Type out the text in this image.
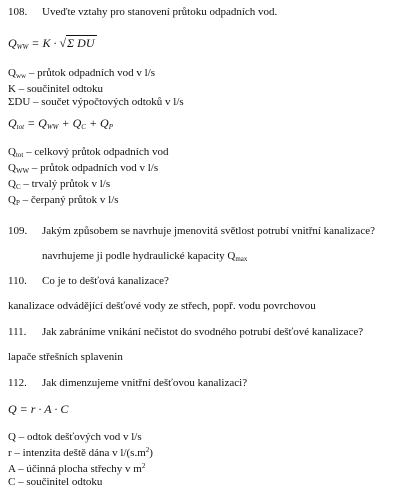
108. Uveďte vztahy pro stanovení průtoku odpadních vod.
$Q_{WW} = K \cdot √\Sigma$ DU
$Q_{ww}$ – průtok odpadních vod v l/s
K – součinitel odtoku
ΣDU – součet výpočtových odtoků v l/s
$Q_{tot} = Q_{WW} + Q_C + Q_P$
$Q_{tot}$ – celkový průtok odpadních vod
$Q_{WW}$ – průtok odpadních vod v l/s
$Q_C$ – trvalý průtok v l/s
$Q_P$ – čerpaný průtok v l/s
109. Jakým způsobem se navrhuje jmenovitá světlost potrubí vnitřní kanalizace?
navrhujeme ji podle hydraulické kapacity $Q_{max}$
110. Co je to dešťová kanalizace?
kanalizace odvádějící dešťové vody ze střech, popř. vodu povrchovou
111. Jak zabráníme vnikání nečistot do svodného potrubí dešťové kanalizace?
lapače střešních splavenin
112. Jak dimenzujeme vnitřní dešťovou kanalizaci?
Q = r · A · C
Q – odtok dešťových vod v l/s
r – intenzita deště dána v $l/(s.m^2)$
A – účinná plocha střechy v $m^2$
C – součinitel odtoku
